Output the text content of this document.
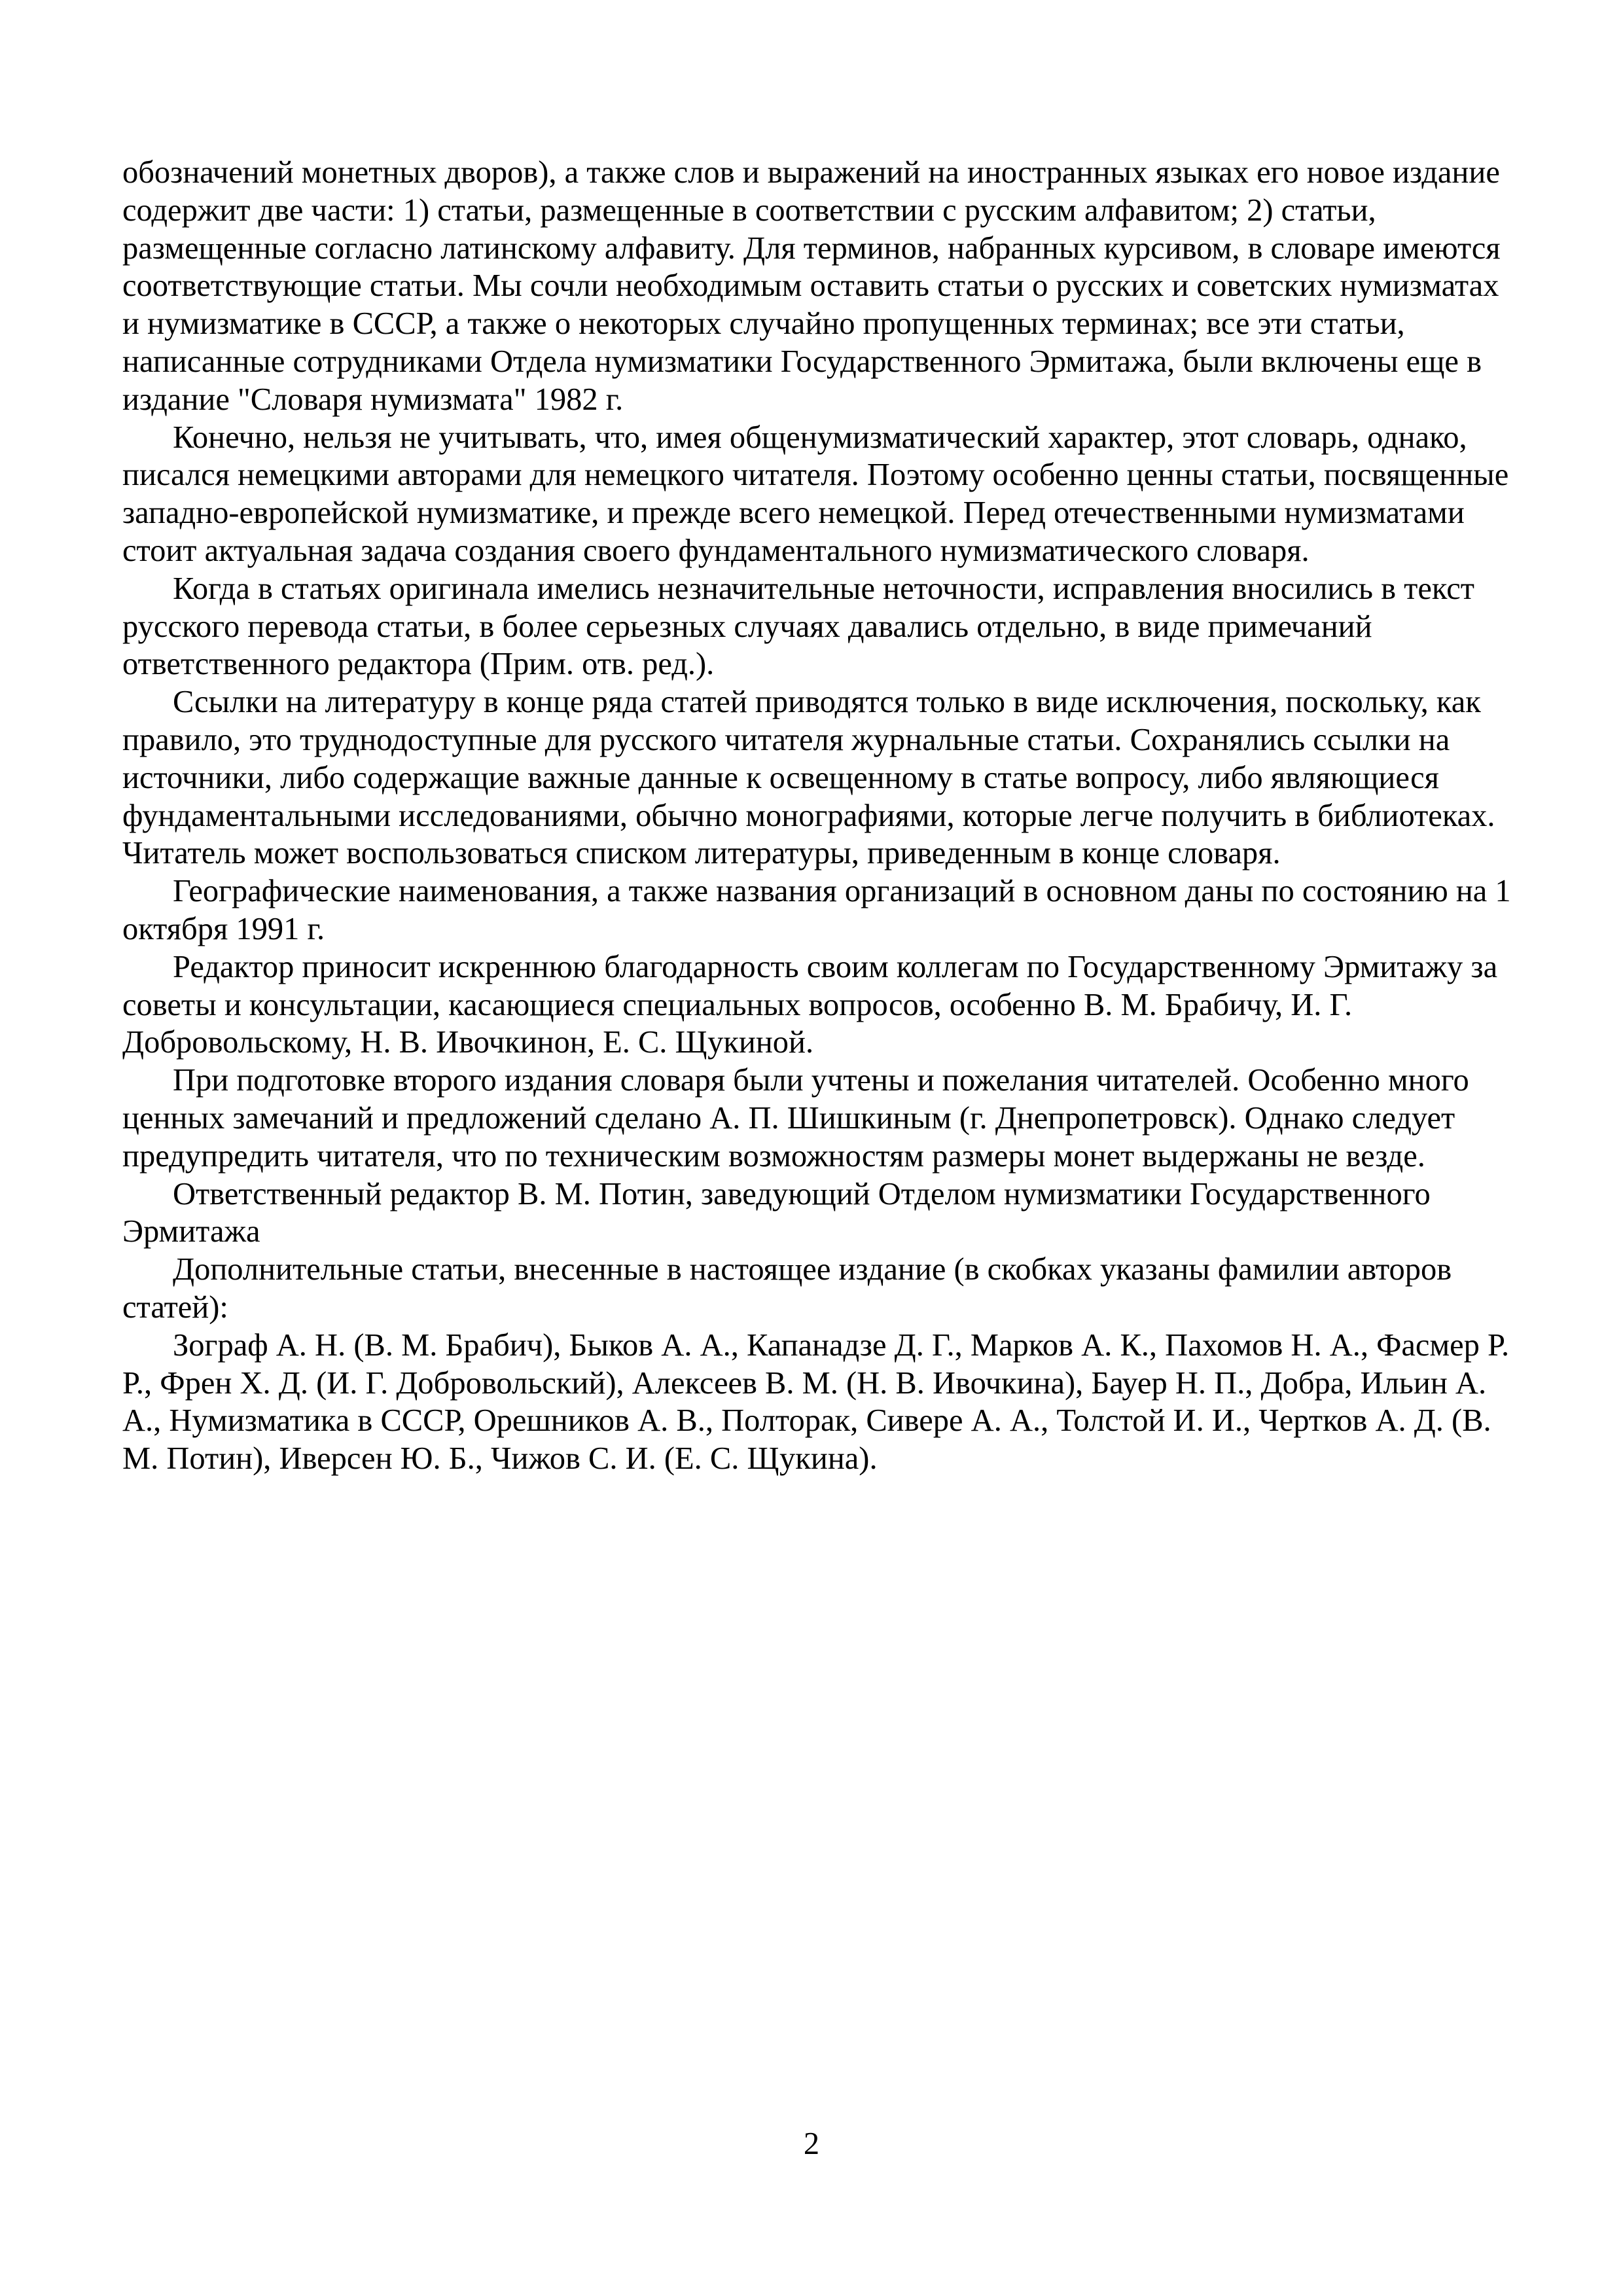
обозначений монетных дворов), а также слов и выражений на иностранных языках его новое издание содержит две части: 1) статьи, размещенные в соответствии с русским алфавитом; 2) статьи, размещенные согласно латинскому алфавиту. Для терминов, набранных курсивом, в словаре имеются соответствующие статьи. Мы сочли необходимым оставить статьи о русских и советских нумизматах и нумизматике в СССР, а также о некоторых случайно пропущенных терминах; все эти статьи, написанные сотрудниками Отдела нумизматики Государственного Эрмитажа, были включены еще в издание "Словаря нумизмата" 1982 г.

Конечно, нельзя не учитывать, что, имея общенумизматический характер, этот словарь, однако, писался немецкими авторами для немецкого читателя. Поэтому особенно ценны статьи, посвященные западно-европейской нумизматике, и прежде всего немецкой. Перед отечественными нумизматами стоит актуальная задача создания своего фундаментального нумизматического словаря.

Когда в статьях оригинала имелись незначительные неточности, исправления вносились в текст русского перевода статьи, в более серьезных случаях давались отдельно, в виде примечаний ответственного редактора (Прим. отв. ред.).

Ссылки на литературу в конце ряда статей приводятся только в виде исключения, поскольку, как правило, это труднодоступные для русского читателя журнальные статьи. Сохранялись ссылки на источники, либо содержащие важные данные к освещенному в статье вопросу, либо являющиеся фундаментальными исследованиями, обычно монографиями, которые легче получить в библиотеках. Читатель может воспользоваться списком литературы, приведенным в конце словаря.

Географические наименования, а также названия организаций в основном даны по состоянию на 1 октября 1991 г.

Редактор приносит искреннюю благодарность своим коллегам по Государственному Эрмитажу за советы и консультации, касающиеся специальных вопросов, особенно В. М. Брабичу, И. Г. Добровольскому, Н. В. Ивочкинон, Е. С. Щукиной.

При подготовке второго издания словаря были учтены и пожелания читателей. Особенно много ценных замечаний и предложений сделано А. П. Шишкиным (г. Днепропетровск). Однако следует предупредить читателя, что по техническим возможностям размеры монет выдержаны не везде.

Ответственный редактор В. М. Потин, заведующий Отделом нумизматики Государственного Эрмитажа

Дополнительные статьи, внесенные в настоящее издание (в скобках указаны фамилии авторов статей):

Зограф А. Н. (В. М. Брабич), Быков А. А., Капанадзе Д. Г., Марков А. К., Пахомов Н. А., Фасмер Р. Р., Френ Х. Д. (И. Г. Добровольский), Алексеев В. М. (Н. В. Ивочкина), Бауер Н. П., Добра, Ильин А. А., Нумизматика в СССР, Орешников А. В., Полторак, Сивере А. А., Толстой И. И., Чертков А. Д. (В. М. Потин), Иверсен Ю. Б., Чижов С. И. (Е. С. Щукина).

2
